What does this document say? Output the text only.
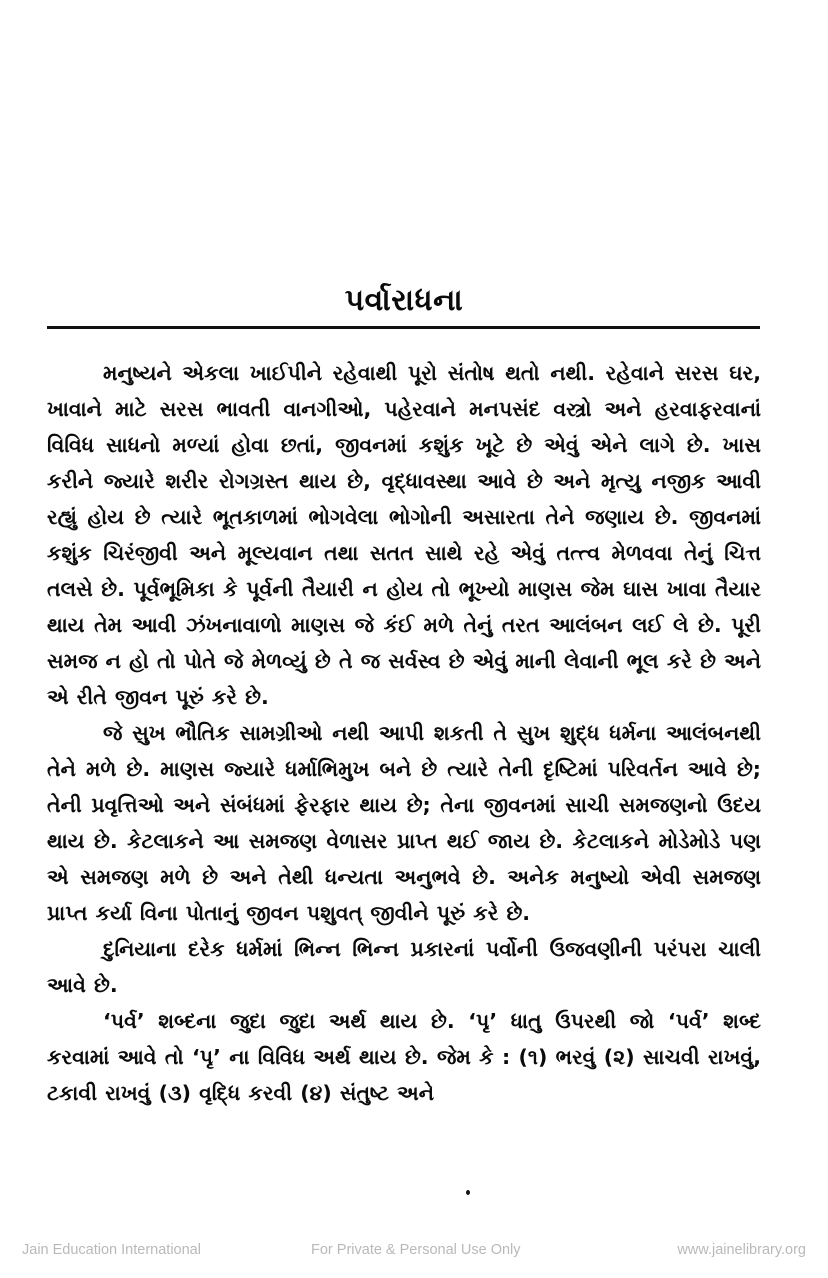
પર્વારાધના

મનુષ્યને એકલા ખાઈપીને રહેવાથી પૂરો સંતોષ થતો નથી. રહેવાને સરસ ઘર, ખાવાને માટે સરસ ભાવતી વાનગીઓ, પહેરવાને મનપસંદ વસ્ત્રો અને હરવાફરવાનાં વિવિધ સાધનો મળ્યાં હોવા છતાં, જીવનમાં કશુંક ખૂટે છે એવું એને લાગે છે. ખાસ કરીને જ્યારે શરીર રોગગ્રસ્ત થાય છે, વૃદ્ધાવસ્થા આવે છે અને મૃત્યુ નજીક આવી રહ્યું હોય છે ત્યારે ભૂતકાળમાં ભોગવેલા ભોગોની અસારતા તેને જણાય છે. જીવનમાં કશુંક ચિરંજીવી અને મૂલ્યવાન તથા સતત સાથે રહે એવું તત્ત્વ મેળવવા તેનું ચિત્ત તલસે છે. પૂર્વભૂમિકા કે પૂર્વની તૈયારી ન હોય તો ભૂખ્યો માણસ જેમ ઘાસ ખાવા તૈયાર થાય તેમ આવી ઝંખનાવાળો માણસ જે કંઈ મળે તેનું તરત આલંબન લઈ લે છે. પૂરી સમજ ન હો તો પોતે જે મેળવ્યું છે તે જ સર્વસ્વ છે એવું માની લેવાની ભૂલ કરે છે અને એ રીતે જીવન પૂરું કરે છે.

જે સુખ ભૌતિક સામગ્રીઓ નથી આપી શકતી તે સુખ શુદ્ધ ધર્મના આલંબનથી તેને મળે છે. માણસ જ્યારે ધર્માભિમુખ બને છે ત્યારે તેની દૃષ્ટિમાં પરિવર્તન આવે છે; તેની પ્રવૃત્તિઓ અને સંબંધમાં ફેરફાર થાય છે; તેના જીવનમાં સાચી સમજણનો ઉદય થાય છે. કેટલાકને આ સમજણ વેળાસર પ્રાપ્ત થઈ જાય છે. કેટલાકને મોડેમોડે પણ એ સમજણ મળે છે અને તેથી ધન્યતા અનુભવે છે. અનેક મનુષ્યો એવી સમજણ પ્રાપ્ત કર્યા વિના પોતાનું જીવન પશુવત્ જીવીને પૂરું કરે છે.

દુનિયાના દરેક ધર્મમાં ભિન્ન ભિન્ન પ્રકારનાં પર્વોની ઉજવણીની પરંપરા ચાલી આવે છે.

‘પર્વ’ શબ્દના જુદા જુદા અર્થ થાય છે. ‘પૃ’ ધાતુ ઉપરથી જો ‘પર્વ’ શબ્દ કરવામાં આવે તો ‘પૃ’ ના વિવિધ અર્થ થાય છે. જેમ કે : (૧) ભરવું (૨) સાચવી રાખવું, ટકાવી રાખવું (૩) વૃદ્ધિ કરવી (૪) સંતુષ્ટ અને

Jain Education International	For Private & Personal Use Only	www.jainelibrary.org
